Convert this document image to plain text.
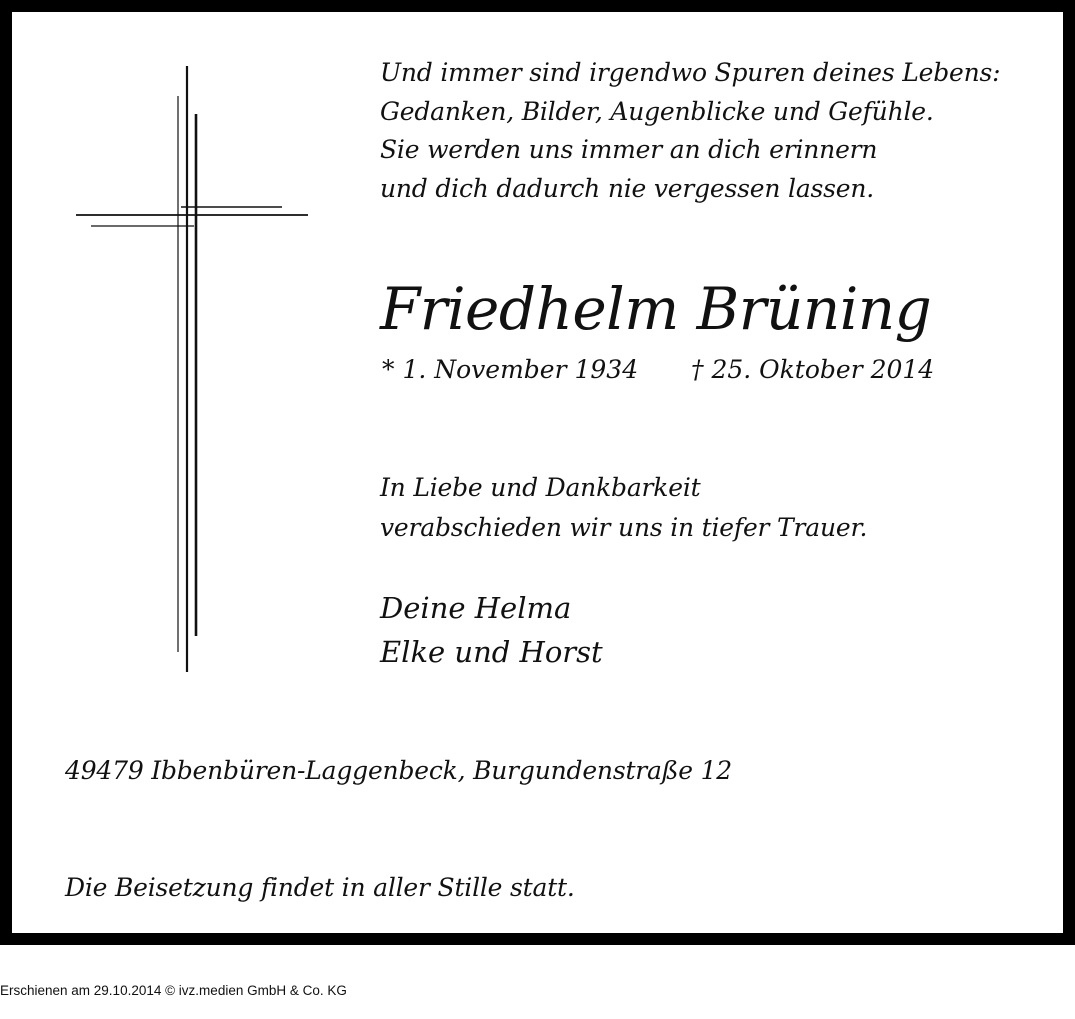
Und immer sind irgendwo Spuren deines Lebens:
Gedanken, Bilder, Augenblicke und Gefühle.
Sie werden uns immer an dich erinnern
und dich dadurch nie vergessen lassen.
Friedhelm Brüning
* 1. November 1934 † 25. Oktober 2014
In Liebe und Dankbarkeit
verabschieden wir uns in tiefer Trauer.
Deine Helma
Elke und Horst
49479 Ibbenbüren-Laggenbeck, Burgundenstraße 12
Die Beisetzung findet in aller Stille statt.
Erschienen am 29.10.2014 © ivz.medien GmbH & Co. KG
